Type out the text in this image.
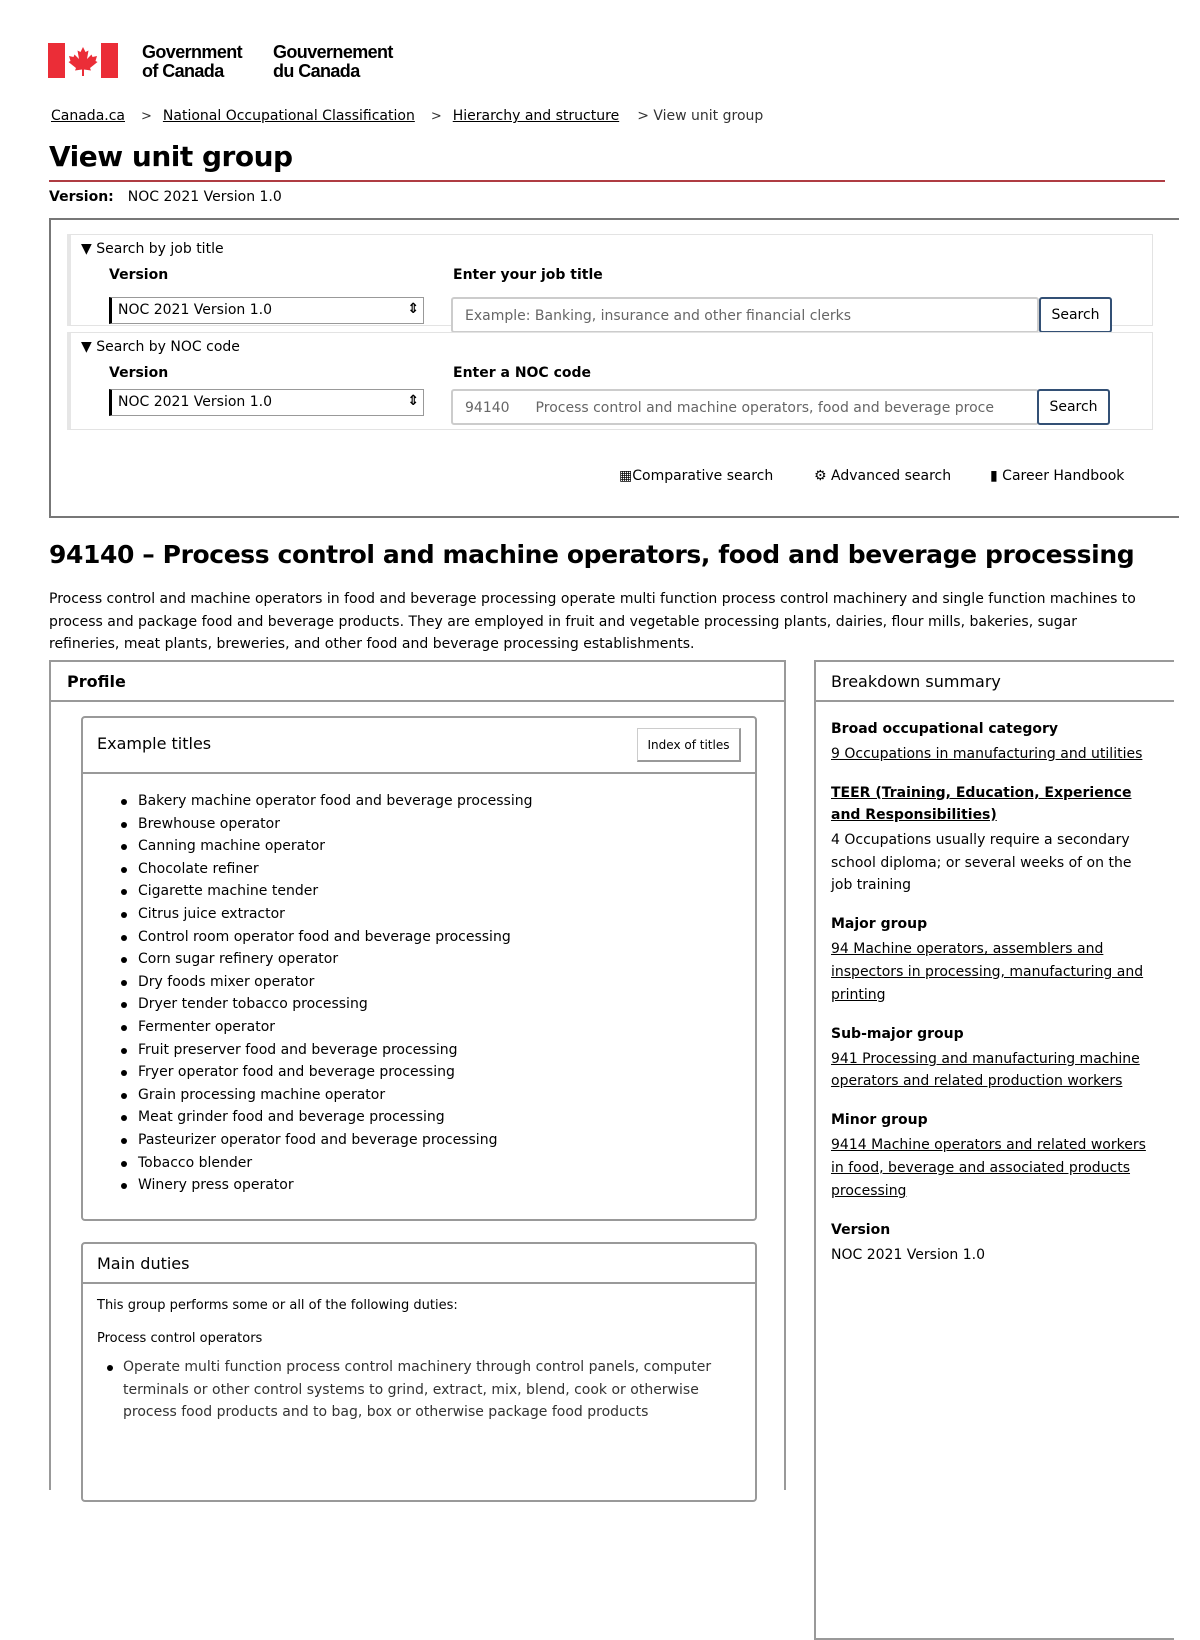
Government
of Canada
Gouvernement
du Canada
Canada.ca > National Occupational Classification > Hierarchy and structure > View unit group
View unit group
Version: NOC 2021 Version 1.0
▼ Search by job title
Version
NOC 2021 Version 1.0	⇕
Enter your job title
Example: Banking, insurance and other financial clerks	Search
▼ Search by NOC code
Version
NOC 2021 Version 1.0	⇕
Enter a NOC code
94140 Process control and machine operators, food and beverage proce	Search
▦Comparative search	⚙ Advanced search	▮ Career Handbook
94140 – Process control and machine operators, food and beverage processing

Process control and machine operators in food and beverage processing operate multi function process control machinery and single function machines to process and package food and beverage products. They are employed in fruit and vegetable processing plants, dairies, flour mills, bakeries, sugar refineries, meat plants, breweries, and other food and beverage processing establishments.

Profile
Example titles	Index of titles
Bakery machine operator food and beverage processing
Brewhouse operator
Canning machine operator
Chocolate refiner
Cigarette machine tender
Citrus juice extractor
Control room operator food and beverage processing
Corn sugar refinery operator
Dry foods mixer operator
Dryer tender tobacco processing
Fermenter operator
Fruit preserver food and beverage processing
Fryer operator food and beverage processing
Grain processing machine operator
Meat grinder food and beverage processing
Pasteurizer operator food and beverage processing
Tobacco blender
Winery press operator
Main duties

This group performs some or all of the following duties:

Process control operators

Operate multi function process control machinery through control panels, computer terminals or other control systems to grind, extract, mix, blend, cook or otherwise process food products and to bag, box or otherwise package food products
Breakdown summary
Broad occupational category
9 Occupations in manufacturing and utilities
TEER (Training, Education, Experience and Responsibilities)
4 Occupations usually require a secondary school diploma; or several weeks of on the job training
Major group
94 Machine operators, assemblers and inspectors in processing, manufacturing and printing
Sub-major group
941 Processing and manufacturing machine operators and related production workers
Minor group
9414 Machine operators and related workers in food, beverage and associated products processing
Version
NOC 2021 Version 1.0
